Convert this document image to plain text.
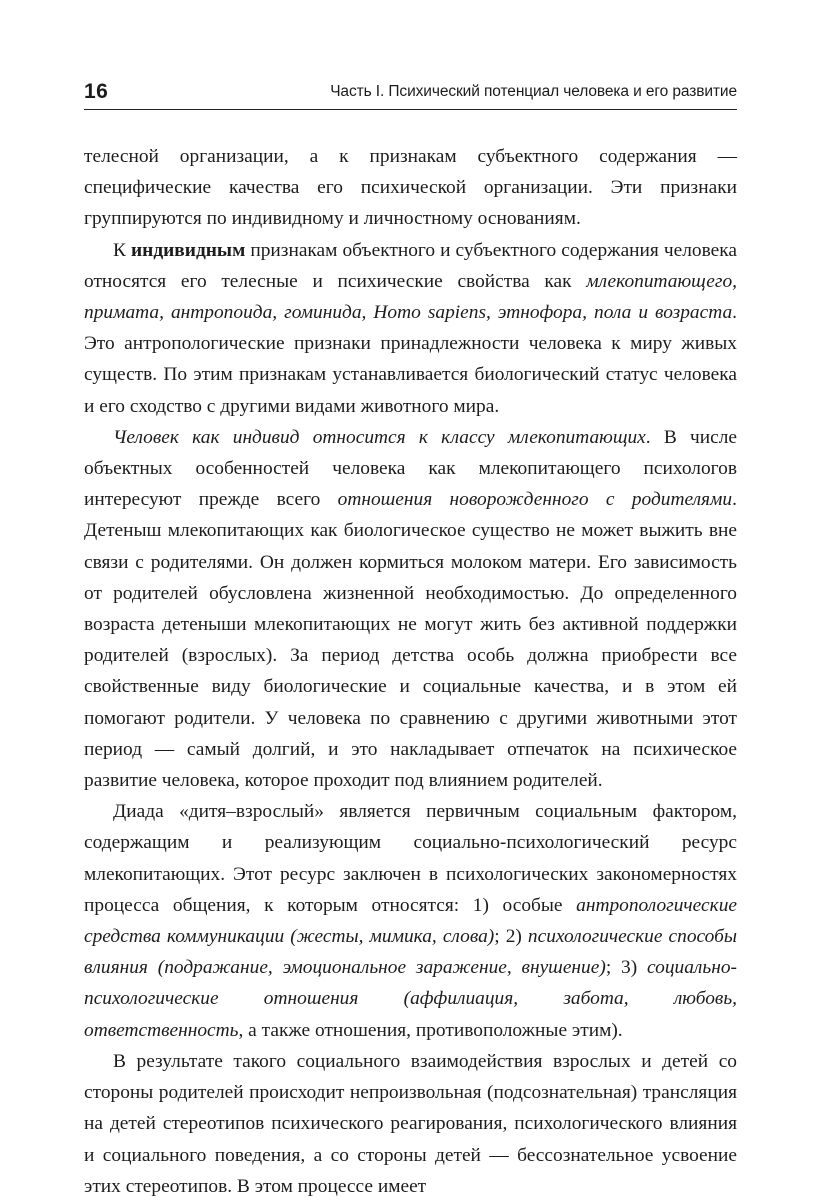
16	Часть I. Психический потенциал человека и его развитие

телесной организации, а к признакам субъектного содержания — специфические качества его психической организации. Эти признаки группируются по индивидному и личностному основаниям.

К индивидным признакам объектного и субъектного содержания человека относятся его телесные и психические свойства как млекопитающего, примата, антропоида, гоминида, Homo sapiens, этнофора, пола и возраста. Это антропологические признаки принадлежности человека к миру живых существ. По этим признакам устанавливается биологический статус человека и его сходство с другими видами животного мира.

Человек как индивид относится к классу млекопитающих. В числе объектных особенностей человека как млекопитающего психологов интересуют прежде всего отношения новорожденного с родителями. Детеныш млекопитающих как биологическое существо не может выжить вне связи с родителями. Он должен кормиться молоком матери. Его зависимость от родителей обусловлена жизненной необходимостью. До определенного возраста детеныши млекопитающих не могут жить без активной поддержки родителей (взрослых). За период детства особь должна приобрести все свойственные виду биологические и социальные качества, и в этом ей помогают родители. У человека по сравнению с другими животными этот период — самый долгий, и это накладывает отпечаток на психическое развитие человека, которое проходит под влиянием родителей.

Диада «дитя–взрослый» является первичным социальным фактором, содержащим и реализующим социально-психологический ресурс млекопитающих. Этот ресурс заключен в психологических закономерностях процесса общения, к которым относятся: 1) особые антропологические средства коммуникации (жесты, мимика, слова); 2) психологические способы влияния (подражание, эмоциональное заражение, внушение); 3) социально-психологические отношения (аффилиация, забота, любовь, ответственность, а также отношения, противоположные этим).

В результате такого социального взаимодействия взрослых и детей со стороны родителей происходит непроизвольная (подсознательная) трансляция на детей стереотипов психического реагирования, психологического влияния и социального поведения, а со стороны детей — бессознательное усвоение этих стереотипов. В этом процессе имеет
